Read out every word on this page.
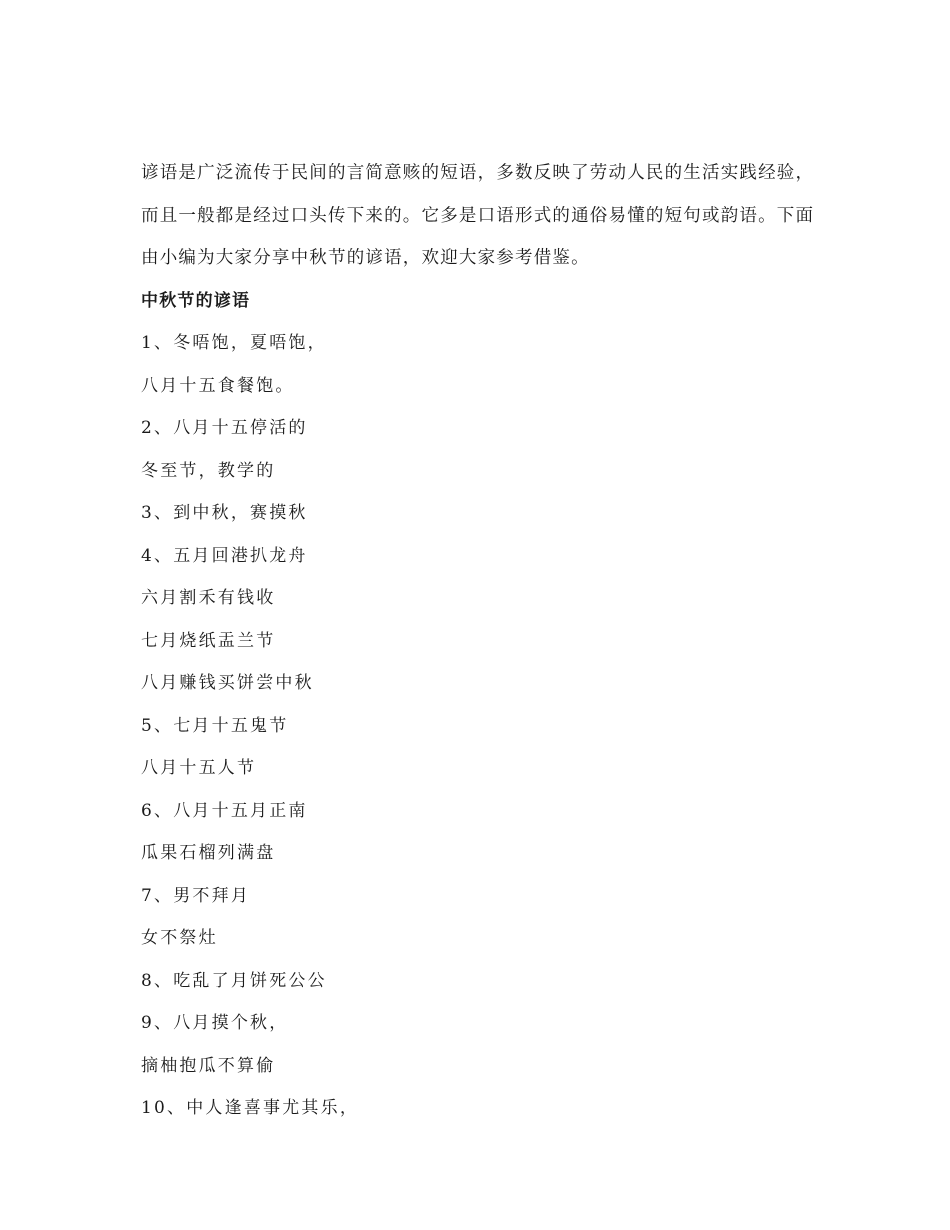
谚语是广泛流传于民间的言简意赅的短语，多数反映了劳动人民的生活实践经验，

而且一般都是经过口头传下来的。它多是口语形式的通俗易懂的短句或韵语。下面

由小编为大家分享中秋节的谚语，欢迎大家参考借鉴。

中秋节的谚语
1、冬唔饱，夏唔饱，
八月十五食餐饱。
2、八月十五停活的
冬至节，教学的
3、到中秋，赛摸秋
4、五月回港扒龙舟
六月割禾有钱收
七月烧纸盂兰节
八月赚钱买饼尝中秋
5、七月十五鬼节
八月十五人节
6、八月十五月正南
瓜果石榴列满盘
7、男不拜月
女不祭灶
8、吃乱了月饼死公公
9、八月摸个秋，
摘柚抱瓜不算偷
10、中人逢喜事尤其乐，
